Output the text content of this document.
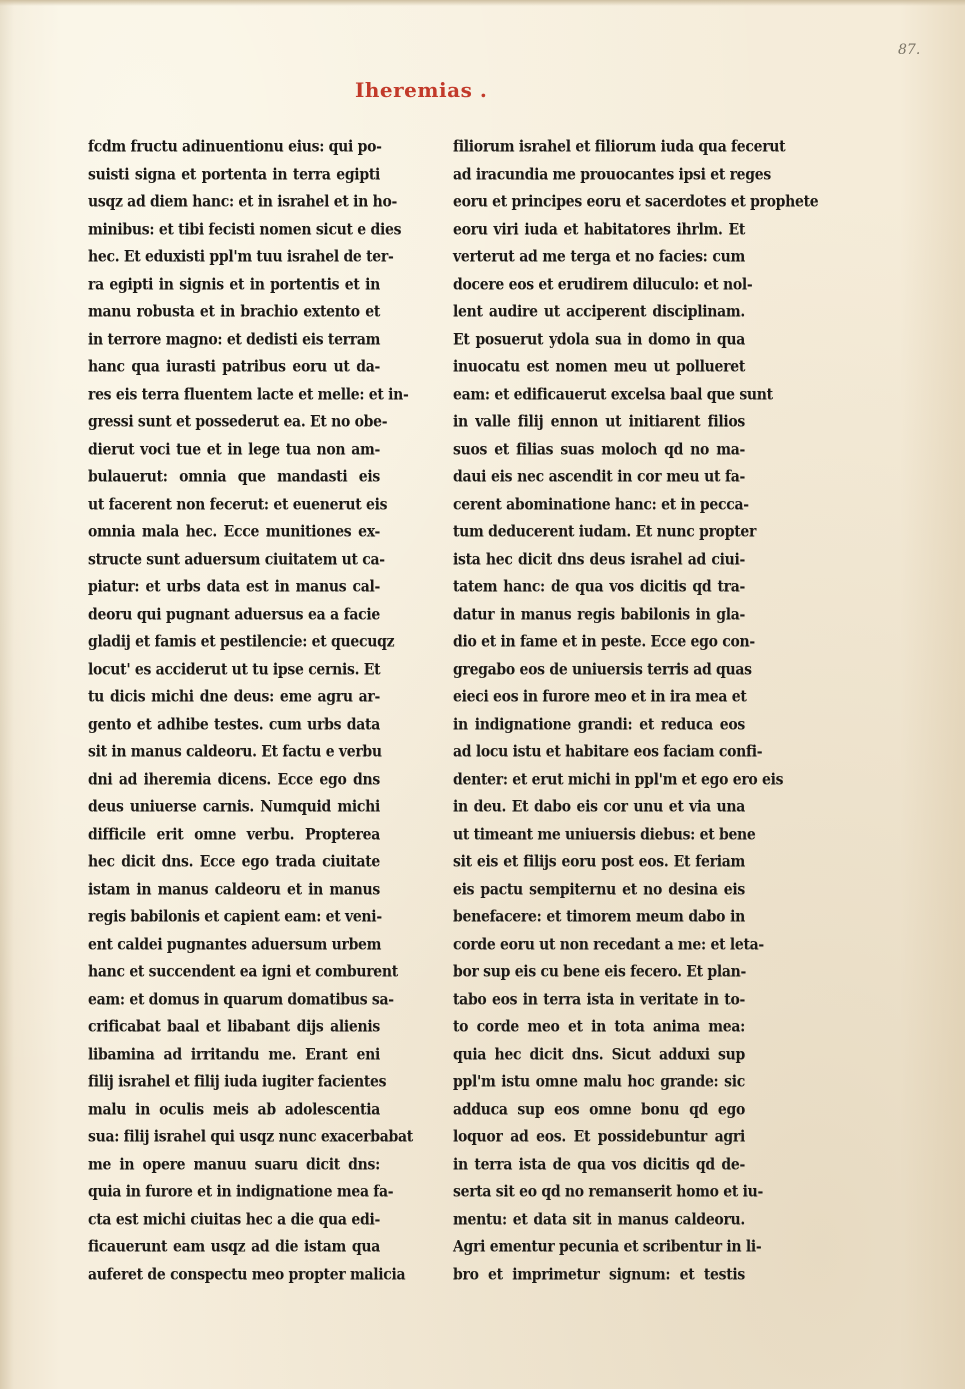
87.
Iheremias .
fcdm fructu adinuentionu eius: qui po-
suisti signa et portenta in terra egipti
usqz ad diem hanc: et in israhel et in ho-
minibus: et tibi fecisti nomen sicut e dies
hec. Et eduxisti ppl'm tuu israhel de ter-
ra egipti in signis et in portentis et in
manu robusta et in brachio extento et
in terrore magno: et dedisti eis terram
hanc qua iurasti patribus eoru ut da-
res eis terra fluentem lacte et melle: et in-
gressi sunt et possederut ea. Et no obe-
dierut voci tue et in lege tua non am-
bulauerut: omnia que mandasti eis
ut facerent non fecerut: et euenerut eis
omnia mala hec. Ecce munitiones ex-
structe sunt aduersum ciuitatem ut ca-
piatur: et urbs data est in manus cal-
deoru qui pugnant aduersus ea a facie
gladij et famis et pestilencie: et quecuqz
locut' es acciderut ut tu ipse cernis. Et
tu dicis michi dne deus: eme agru ar-
gento et adhibe testes. cum urbs data
sit in manus caldeoru. Et factu e verbu
dni ad iheremia dicens. Ecce ego dns
deus uniuerse carnis. Numquid michi
difficile erit omne verbu. Propterea
hec dicit dns. Ecce ego trada ciuitate
istam in manus caldeoru et in manus
regis babilonis et capient eam: et veni-
ent caldei pugnantes aduersum urbem
hanc et succendent ea igni et comburent
eam: et domus in quarum domatibus sa-
crificabat baal et libabant dijs alienis
libamina ad irritandu me. Erant eni
filij israhel et filij iuda iugiter facientes
malu in oculis meis ab adolescentia
sua: filij israhel qui usqz nunc exacerbabat
me in opere manuu suaru dicit dns:
quia in furore et in indignatione mea fa-
cta est michi ciuitas hec a die qua edi-
ficauerunt eam usqz ad die istam qua
auferet de conspectu meo propter malicia
filiorum israhel et filiorum iuda qua fecerut
ad iracundia me prouocantes ipsi et reges
eoru et principes eoru et sacerdotes et prophete
eoru viri iuda et habitatores ihrlm. Et
verterut ad me terga et no facies: cum
docere eos et erudirem diluculo: et nol-
lent audire ut acciperent disciplinam.
Et posuerut ydola sua in domo in qua
inuocatu est nomen meu ut pollueret
eam: et edificauerut excelsa baal que sunt
in valle filij ennon ut initiarent filios
suos et filias suas moloch qd no ma-
daui eis nec ascendit in cor meu ut fa-
cerent abominatione hanc: et in pecca-
tum deducerent iudam. Et nunc propter
ista hec dicit dns deus israhel ad ciui-
tatem hanc: de qua vos dicitis qd tra-
datur in manus regis babilonis in gla-
dio et in fame et in peste. Ecce ego con-
gregabo eos de uniuersis terris ad quas
eieci eos in furore meo et in ira mea et
in indignatione grandi: et reduca eos
ad locu istu et habitare eos faciam confi-
denter: et erut michi in ppl'm et ego ero eis
in deu. Et dabo eis cor unu et via una
ut timeant me uniuersis diebus: et bene
sit eis et filijs eoru post eos. Et feriam
eis pactu sempiternu et no desina eis
benefacere: et timorem meum dabo in
corde eoru ut non recedant a me: et leta-
bor sup eis cu bene eis fecero. Et plan-
tabo eos in terra ista in veritate in to-
to corde meo et in tota anima mea:
quia hec dicit dns. Sicut adduxi sup
ppl'm istu omne malu hoc grande: sic
adduca sup eos omne bonu qd ego
loquor ad eos. Et possidebuntur agri
in terra ista de qua vos dicitis qd de-
serta sit eo qd no remanserit homo et iu-
mentu: et data sit in manus caldeoru.
Agri ementur pecunia et scribentur in li-
bro et imprimetur signum: et testis
